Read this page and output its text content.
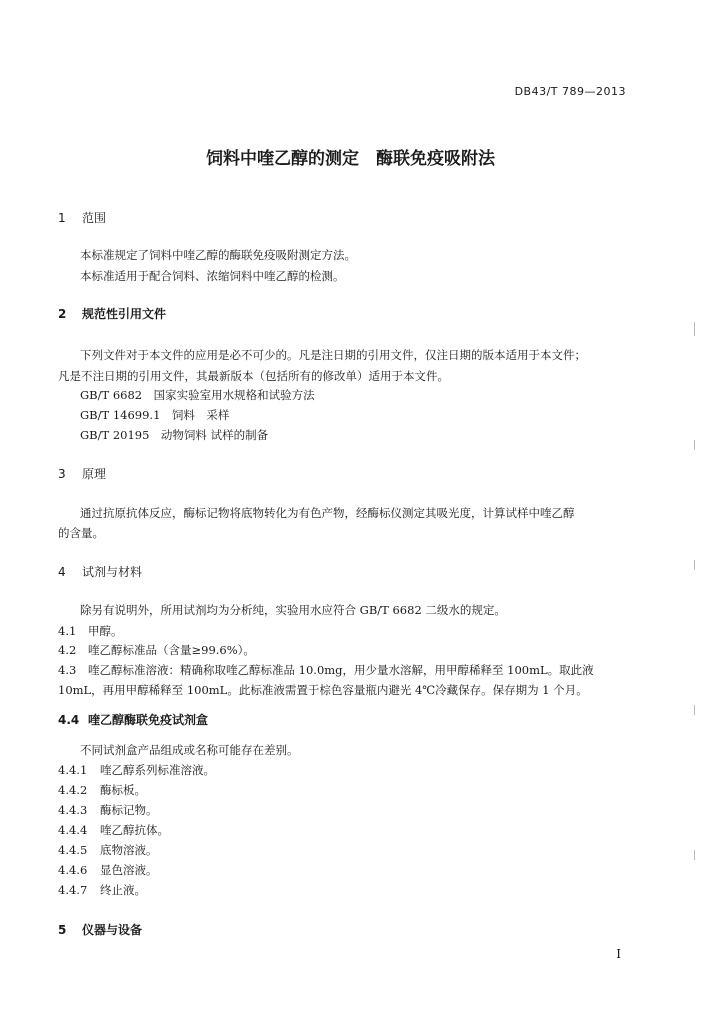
DB43/T 789—2013
饲料中喹乙醇的测定　酶联免疫吸附法
1 范围
本标准规定了饲料中喹乙醇的酶联免疫吸附测定方法。
本标准适用于配合饲料、浓缩饲料中喹乙醇的检测。
2 规范性引用文件
下列文件对于本文件的应用是必不可少的。凡是注日期的引用文件，仅注日期的版本适用于本文件；
凡是不注日期的引用文件，其最新版本（包括所有的修改单）适用于本文件。
GB/T 6682　国家实验室用水规格和试验方法
GB/T 14699.1　饲料　采样
GB/T 20195　动物饲料 试样的制备
3 原理
通过抗原抗体反应，酶标记物将底物转化为有色产物，经酶标仪测定其吸光度，计算试样中喹乙醇
的含量。
4 试剂与材料
除另有说明外，所用试剂均为分析纯，实验用水应符合 GB/T 6682 二级水的规定。
4.1 甲醇。
4.2 喹乙醇标准品（含量≥99.6%）。
4.3 喹乙醇标准溶液：精确称取喹乙醇标准品 10.0mg，用少量水溶解，用甲醇稀释至 100mL。取此液
10mL，再用甲醇稀释至 100mL。此标准液需置于棕色容量瓶内避光 4℃冷藏保存。保存期为 1 个月。
4.4 喹乙醇酶联免疫试剂盒
不同试剂盒产品组成或名称可能存在差别。
4.4.1 喹乙醇系列标准溶液。
4.4.2 酶标板。
4.4.3 酶标记物。
4.4.4 喹乙醇抗体。
4.4.5 底物溶液。
4.4.6 显色溶液。
4.4.7 终止液。
5 仪器与设备
I
